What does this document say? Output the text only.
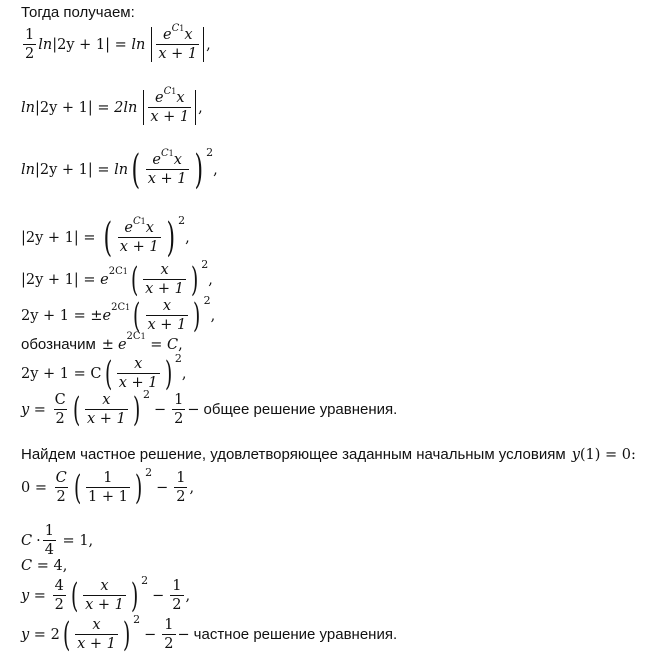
Тогда получаем:
$\frac{1}{2}$ ln | 2y + 1 | = $\ln \frac{e^{C1}x}{x + 1}$ ,
ln | 2y + 1 | = $2\ln \frac{e^{C1}x}{x + 1}$ ,
ln | 2y + 1 | = ln ( $\frac{e^{C1}x}{x + 1}$ ) 2
,
| 2y + 1 | = ( $\frac{e^{C1}x}{x + 1}$ ) 2
,
| 2y + 1 | = e 2C1 ( $\frac{x}{x + 1}$ ) 2
,
2y + 1 = ± e 2C1 ( $\frac{x}{x + 1}$ ) 2
,
обозначим ± e 2C1 = C ,
2y + 1 = C ( $\frac{x}{x + 1}$ ) 2
,
$y = \frac{C}{2}$ ( $\frac{x}{x + 1}$ ) 2
− $\frac{1}{2}$ − общее решение уравнения.
Найдем частное решение, удовлетворяющее заданным начальным условиям y (1) = 0:
$0 = \frac{C}{2}$ ( $\frac{1}{1 + 1}$ ) 2
− $\frac{1}{2}$ ,
$C \cdot \frac{1}{4} = 1$,
C = 4,
$y = \frac{4}{2}$ ( $\frac{x}{x + 1}$ ) 2
− $\frac{1}{2}$ ,
y = 2 ( $\frac{x}{x + 1}$ ) 2
− $\frac{1}{2}$ − частное решение уравнения.
